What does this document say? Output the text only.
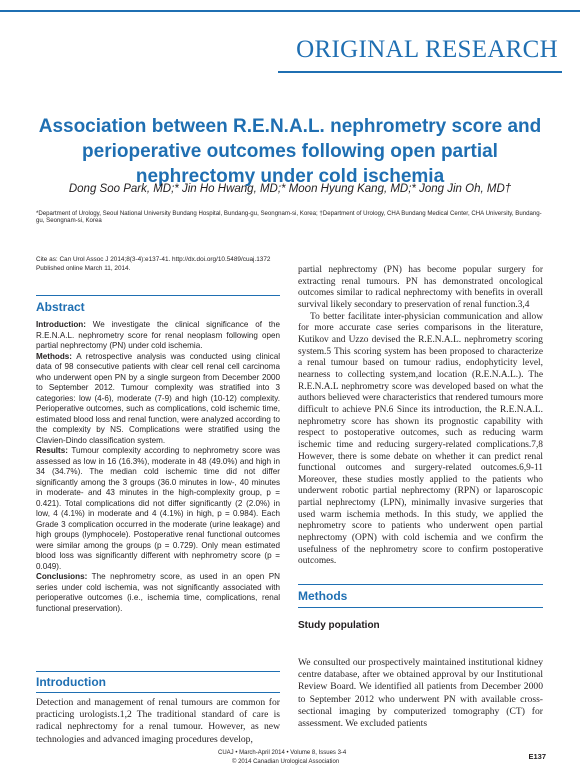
ORIGINAL RESEARCH
Association between R.E.N.A.L. nephrometry score and perioperative outcomes following open partial nephrectomy under cold ischemia
Dong Soo Park, MD;* Jin Ho Hwang, MD;* Moon Hyung Kang, MD;* Jong Jin Oh, MD†
*Department of Urology, Seoul National University Bundang Hospital, Bundang-gu, Seongnam-si, Korea; †Department of Urology, CHA Bundang Medical Center, CHA University, Bundang-gu, Seongnam-si, Korea
Cite as: Can Urol Assoc J 2014;8(3-4):e137-41. http://dx.doi.org/10.5489/cuaj.1372
Published online March 11, 2014.
Abstract

Introduction: We investigate the clinical significance of the R.E.N.A.L. nephrometry score for renal neoplasm following open partial nephrectomy (PN) under cold ischemia.

Methods: A retrospective analysis was conducted using clinical data of 98 consecutive patients with clear cell renal cell carcinoma who underwent open PN by a single surgeon from December 2000 to September 2012. Tumour complexity was stratified into 3 categories: low (4-6), moderate (7-9) and high (10-12) complexity. Perioperative outcomes, such as complications, cold ischemic time, estimated blood loss and renal function, were analyzed according to the complexity by NS. Complications were stratified using the Clavien-Dindo classification system.

Results: Tumour complexity according to nephrometry score was assessed as low in 16 (16.3%), moderate in 48 (49.0%) and high in 34 (34.7%). The median cold ischemic time did not differ significantly among the 3 groups (36.0 minutes in low-, 40 minutes in moderate- and 43 minutes in the high-complexity group, p = 0.421). Total complications did not differ significantly (2 (2.0%) in low, 4 (4.1%) in moderate and 4 (4.1%) in high, p = 0.984). Each Grade 3 complication occurred in the moderate (urine leakage) and high groups (lymphocele). Postoperative renal functional outcomes were similar among the groups (p = 0.729). Only mean estimated blood loss was significantly different with nephrometry score (p = 0.049).

Conclusions: The nephrometry score, as used in an open PN series under cold ischemia, was not significantly associated with perioperative outcomes (i.e., ischemia time, complications, renal functional preservation).

Introduction
Detection and management of renal tumours are common for practicing urologists.1,2 The traditional standard of care is radical nephrectomy for a renal tumour. However, as new technologies and advanced imaging procedures develop,

partial nephrectomy (PN) has become popular surgery for extracting renal tumours. PN has demonstrated oncological outcomes similar to radical nephrectomy with benefits in overall survival likely secondary to preservation of renal function.3,4

To better facilitate inter-physician communication and allow for more accurate case series comparisons in the literature, Kutikov and Uzzo devised the R.E.N.A.L. nephrometry scoring system.5 This scoring system has been proposed to characterize a renal tumour based on tumour radius, endophyticity level, nearness to collecting system,and location (R.E.N.A.L.). The R.E.N.A.L nephrometry score was developed based on what the authors believed were characteristics that rendered tumours more difficult to achieve PN.6 Since its introduction, the R.E.N.A.L. nephrometry score has shown its prognostic capability with respect to postoperative outcomes, such as reducing warm ischemic time and reducing surgery-related complications.7,8 However, there is some debate on whether it can predict renal functional outcomes and surgery-related outcomes.6,9-11 Moreover, these studies mostly applied to the patients who underwent robotic partial nephrectomy (RPN) or laparoscopic partial nephrectomy (LPN), minimally invasive surgeries that used warm ischemia methods. In this study, we applied the nephrometry score to patients who underwent open partial nephrectomy (OPN) with cold ischemia and we confirm the usefulness of the nephrometry score to confirm postoperative outcomes.

Methods
Study population
We consulted our prospectively maintained institutional kidney centre database, after we obtained approval by our Institutional Review Board. We identified all patients from December 2000 to September 2012 who underwent PN with available cross-sectional imaging by computerized tomography (CT) for assessment. We excluded patients
CUAJ • March-April 2014 • Volume 8, Issues 3-4
© 2014 Canadian Urological Association
E137
